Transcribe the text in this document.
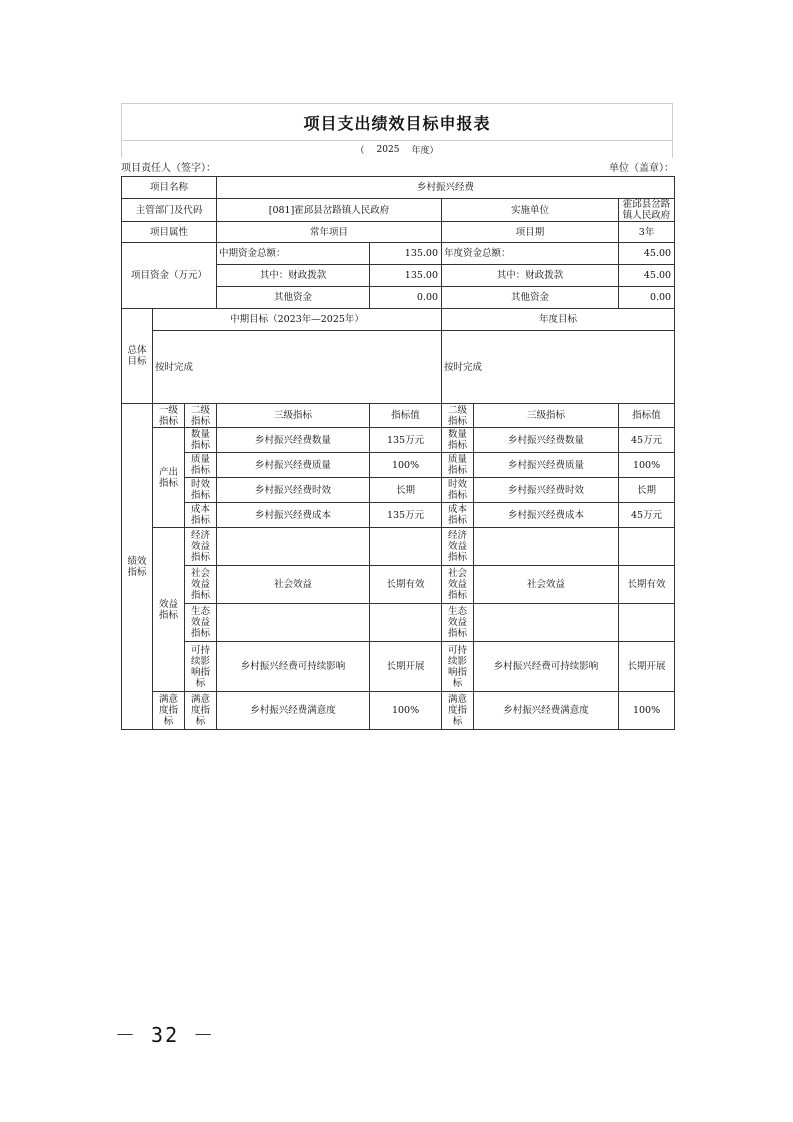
项目支出绩效目标申报表
（ 2025 年度）
项目责任人（签字）：	单位（盖章）：
项目名称			乡村振兴经费				
主管部门及代码			[081]霍邱县岔路镇人民政府		实施单位		霍邱县岔路镇人民政府
项目属性			常年项目		项目期		3年
项目资金（万元）			中期资金总额：	135.00	年度资金总额：		45.00
			其中：财政拨款	135.00	其中：财政拨款		45.00
			其他资金	0.00	其他资金		0.00
总体目标	中期目标（2023年—2025年）				年度目标		
	按时完成				按时完成		
绩效指标	一级指标	二级指标	三级指标	指标值	二级指标	三级指标	指标值
	产出指标	数量指标	乡村振兴经费数量	135万元	数量指标	乡村振兴经费数量	45万元
		质量指标	乡村振兴经费质量	100%	质量指标	乡村振兴经费质量	100%
		时效指标	乡村振兴经费时效	长期	时效指标	乡村振兴经费时效	长期
		成本指标	乡村振兴经费成本	135万元	成本指标	乡村振兴经费成本	45万元
	效益指标	经济效益指标			经济效益指标		
		社会效益指标	社会效益	长期有效	社会效益指标	社会效益	长期有效
		生态效益指标			生态效益指标		
		可持续影响指标	乡村振兴经费可持续影响	长期开展	可持续影响指标	乡村振兴经费可持续影响	长期开展
	满意度指标	满意度指标	乡村振兴经费满意度	100%	满意度指标	乡村振兴经费满意度	100%
－ 32 －
